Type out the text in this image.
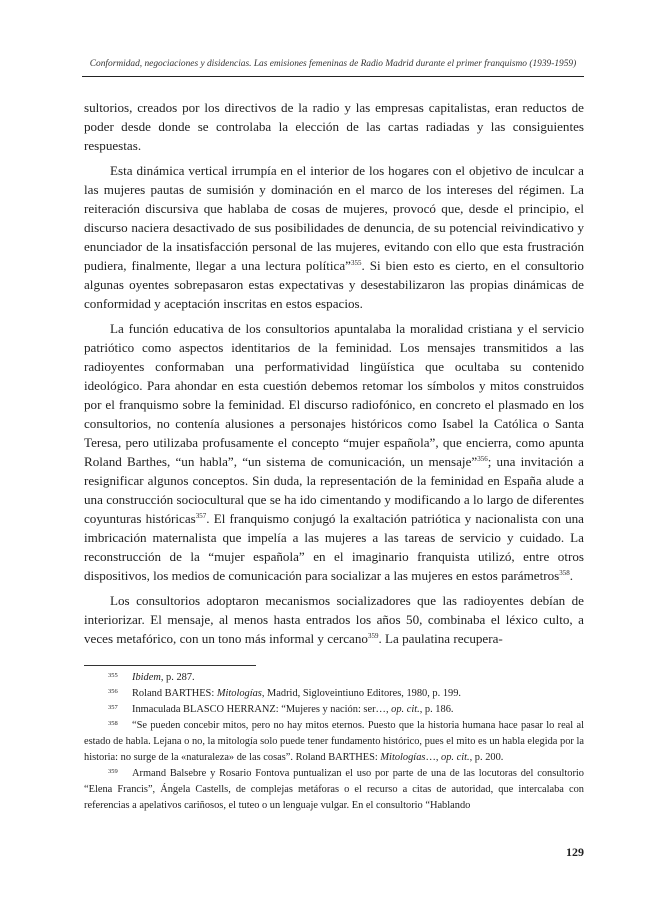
Conformidad, negociaciones y disidencias. Las emisiones femeninas de Radio Madrid durante el primer franquismo (1939-1959)

sultorios, creados por los directivos de la radio y las empresas capitalistas, eran reductos de poder desde donde se controlaba la elección de las cartas radiadas y las consiguientes respuestas.

Esta dinámica vertical irrumpía en el interior de los hogares con el objetivo de inculcar a las mujeres pautas de sumisión y dominación en el marco de los intereses del régimen. La reiteración discursiva que hablaba de cosas de mujeres, provocó que, desde el principio, el discurso naciera desactivado de sus posibilidades de denuncia, de su potencial reivindicativo y enunciador de la insatisfacción personal de las mujeres, evitando con ello que esta frustración pudiera, finalmente, llegar a una lectura política”$^{355}$. Si bien esto es cierto, en el consultorio algunas oyentes sobrepasaron estas expectativas y desestabilizaron las propias dinámicas de conformidad y aceptación inscritas en estos espacios.

La función educativa de los consultorios apuntalaba la moralidad cristiana y el servicio patriótico como aspectos identitarios de la feminidad. Los mensajes transmitidos a las radioyentes conformaban una performatividad lingüística que ocultaba su contenido ideológico. Para ahondar en esta cuestión debemos retomar los símbolos y mitos construidos por el franquismo sobre la feminidad. El discurso radiofónico, en concreto el plasmado en los consultorios, no contenía alusiones a personajes históricos como Isabel la Católica o Santa Teresa, pero utilizaba profusamente el concepto “mujer española”, que encierra, como apunta Roland Barthes, “un habla”, “un sistema de comunicación, un mensaje”$^{356}$; una invitación a resignificar algunos conceptos. Sin duda, la representación de la feminidad en España alude a una construcción sociocultural que se ha ido cimentando y modificando a lo largo de diferentes coyunturas históricas$^{357}$. El franquismo conjugó la exaltación patriótica y nacionalista con una imbricación maternalista que impelía a las mujeres a las tareas de servicio y cuidado. La reconstrucción de la “mujer española” en el imaginario franquista utilizó, entre otros dispositivos, los medios de comunicación para socializar a las mujeres en estos parámetros$^{358}$.

Los consultorios adoptaron mecanismos socializadores que las radioyentes debían de interiorizar. El mensaje, al menos hasta entrados los años 50, combinaba el léxico culto, a veces metafórico, con un tono más informal y cercano$^{359}$. La paulatina recupera-

355 Ibidem, p. 287.

356 Roland BARTHES: Mitologías, Madrid, Sigloveintiuno Editores, 1980, p. 199.

357 Inmaculada BLASCO HERRANZ: “Mujeres y nación: ser…, op. cit., p. 186.

358 “Se pueden concebir mitos, pero no hay mitos eternos. Puesto que la historia humana hace pasar lo real al estado de habla. Lejana o no, la mitología solo puede tener fundamento histórico, pues el mito es un habla elegida por la historia: no surge de la «naturaleza» de las cosas”. Roland BARTHES: Mitologías…, op. cit., p. 200.

359 Armand Balsebre y Rosario Fontova puntualizan el uso por parte de una de las locutoras del consultorio “Elena Francis”, Ángela Castells, de complejas metáforas o el recurso a citas de autoridad, que intercalaba con referencias a apelativos cariñosos, el tuteo o un lenguaje vulgar. En el consultorio “Hablando

129
